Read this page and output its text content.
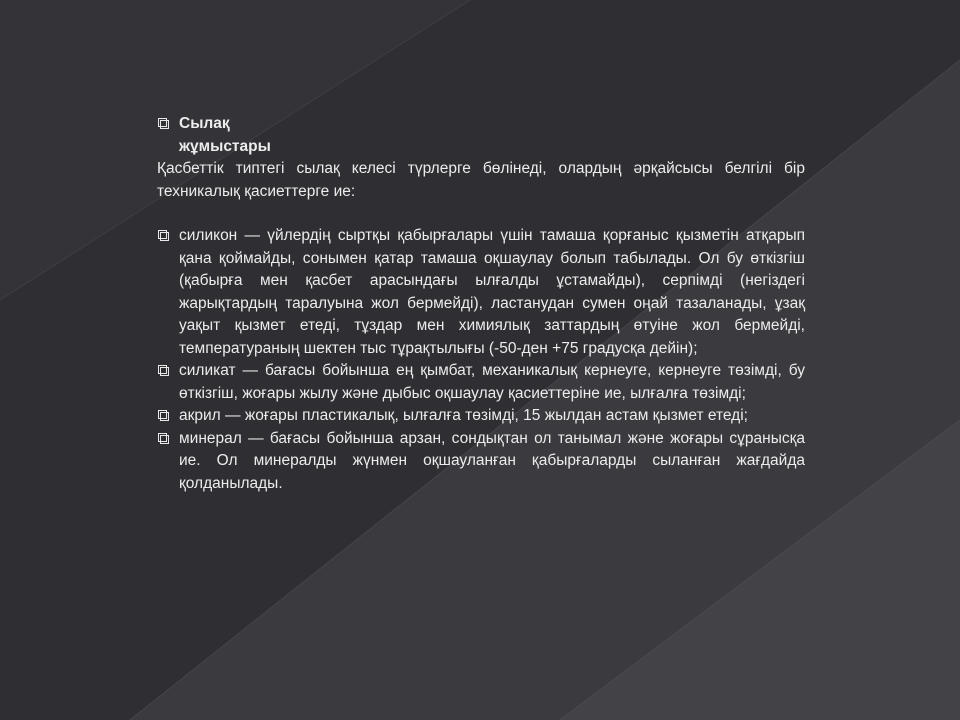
Сылақ жұмыстары
Қасбеттік типтегі сылақ келесі түрлерге бөлінеді, олардың әрқайсысы белгілі бір техникалық қасиеттерге ие:
силикон — үйлердің сыртқы қабырғалары үшін тамаша қорғаныс қызметін атқарып қана қоймайды, сонымен қатар тамаша оқшаулау болып табылады. Ол бу өткізгіш (қабырға мен қасбет арасындағы ылғалды ұстамайды), серпімді (негіздегі жарықтардың таралуына жол бермейді), ластанудан сумен оңай тазаланады, ұзақ уақыт қызмет етеді, тұздар мен химиялық заттардың өтуіне жол бермейді, температураның шектен тыс тұрақтылығы (-50-ден +75 градусқа дейін);
силикат — бағасы бойынша ең қымбат, механикалық кернеуге, кернеуге төзімді, бу өткізгіш, жоғары жылу және дыбыс оқшаулау қасиеттеріне ие, ылғалға төзімді;
акрил — жоғары пластикалық, ылғалға төзімді, 15 жылдан астам қызмет етеді;
минерал — бағасы бойынша арзан, сондықтан ол танымал және жоғары сұранысқа ие. Ол минералды жүнмен оқшауланған қабырғаларды сыланған жағдайда қолданылады.
